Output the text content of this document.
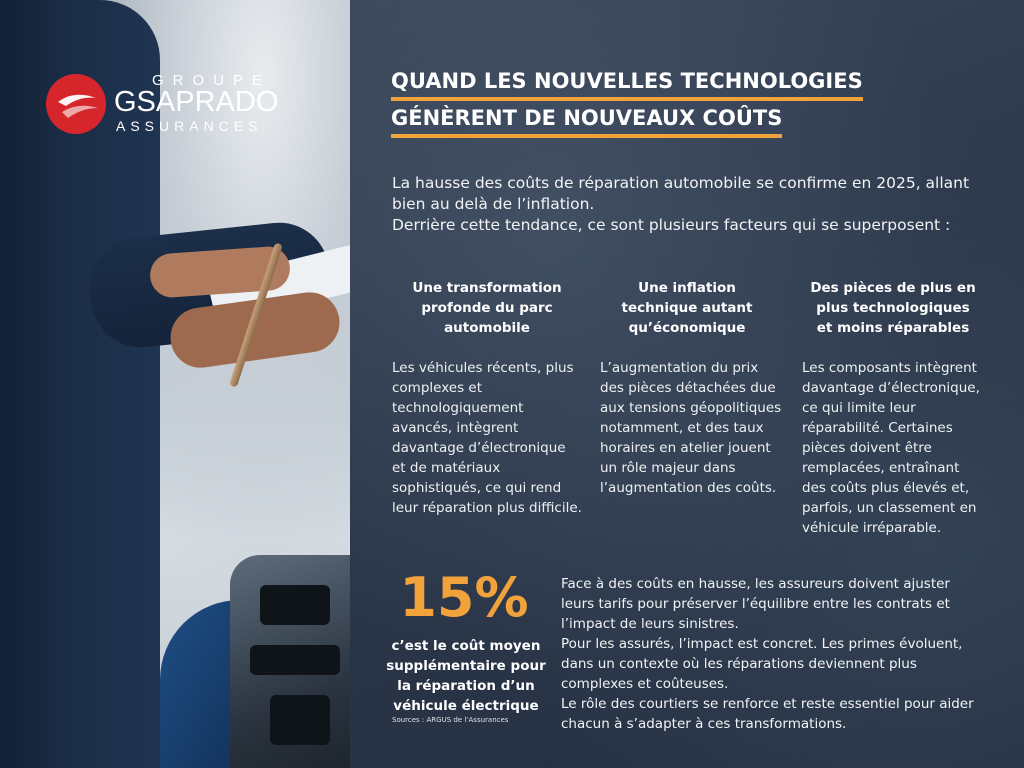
GROUPE
GSAPRADO
ASSURANCES
QUAND LES NOUVELLES TECHNOLOGIES
GÉNÈRENT DE NOUVEAUX COÛTS

La hausse des coûts de réparation automobile se confirme en 2025, allant bien au delà de l’inflation.

Derrière cette tendance, ce sont plusieurs facteurs qui se superposent :

Une transformation profonde du parc automobile
Une inflation technique autant qu’économique
Des pièces de plus en plus technologiques et moins réparables
Les véhicules récents, plus complexes et technologiquement avancés, intègrent davantage d’électronique et de matériaux sophistiqués, ce qui rend leur réparation plus difficile.
L’augmentation du prix des pièces détachées due aux tensions géopolitiques notamment, et des taux horaires en atelier jouent un rôle majeur dans l’augmentation des coûts.
Les composants intègrent davantage d’électronique, ce qui limite leur réparabilité. Certaines pièces doivent être remplacées, entraînant des coûts plus élevés et, parfois, un classement en véhicule irréparable.
15%
c’est le coût moyen supplémentaire pour la réparation d’un véhicule électrique
Sources : ARGUS de l’Assurances

Face à des coûts en hausse, les assureurs doivent ajuster leurs tarifs pour préserver l’équilibre entre les contrats et l’impact de leurs sinistres.

Pour les assurés, l’impact est concret. Les primes évoluent, dans un contexte où les réparations deviennent plus complexes et coûteuses.

Le rôle des courtiers se renforce et reste essentiel pour aider chacun à s’adapter à ces transformations.
